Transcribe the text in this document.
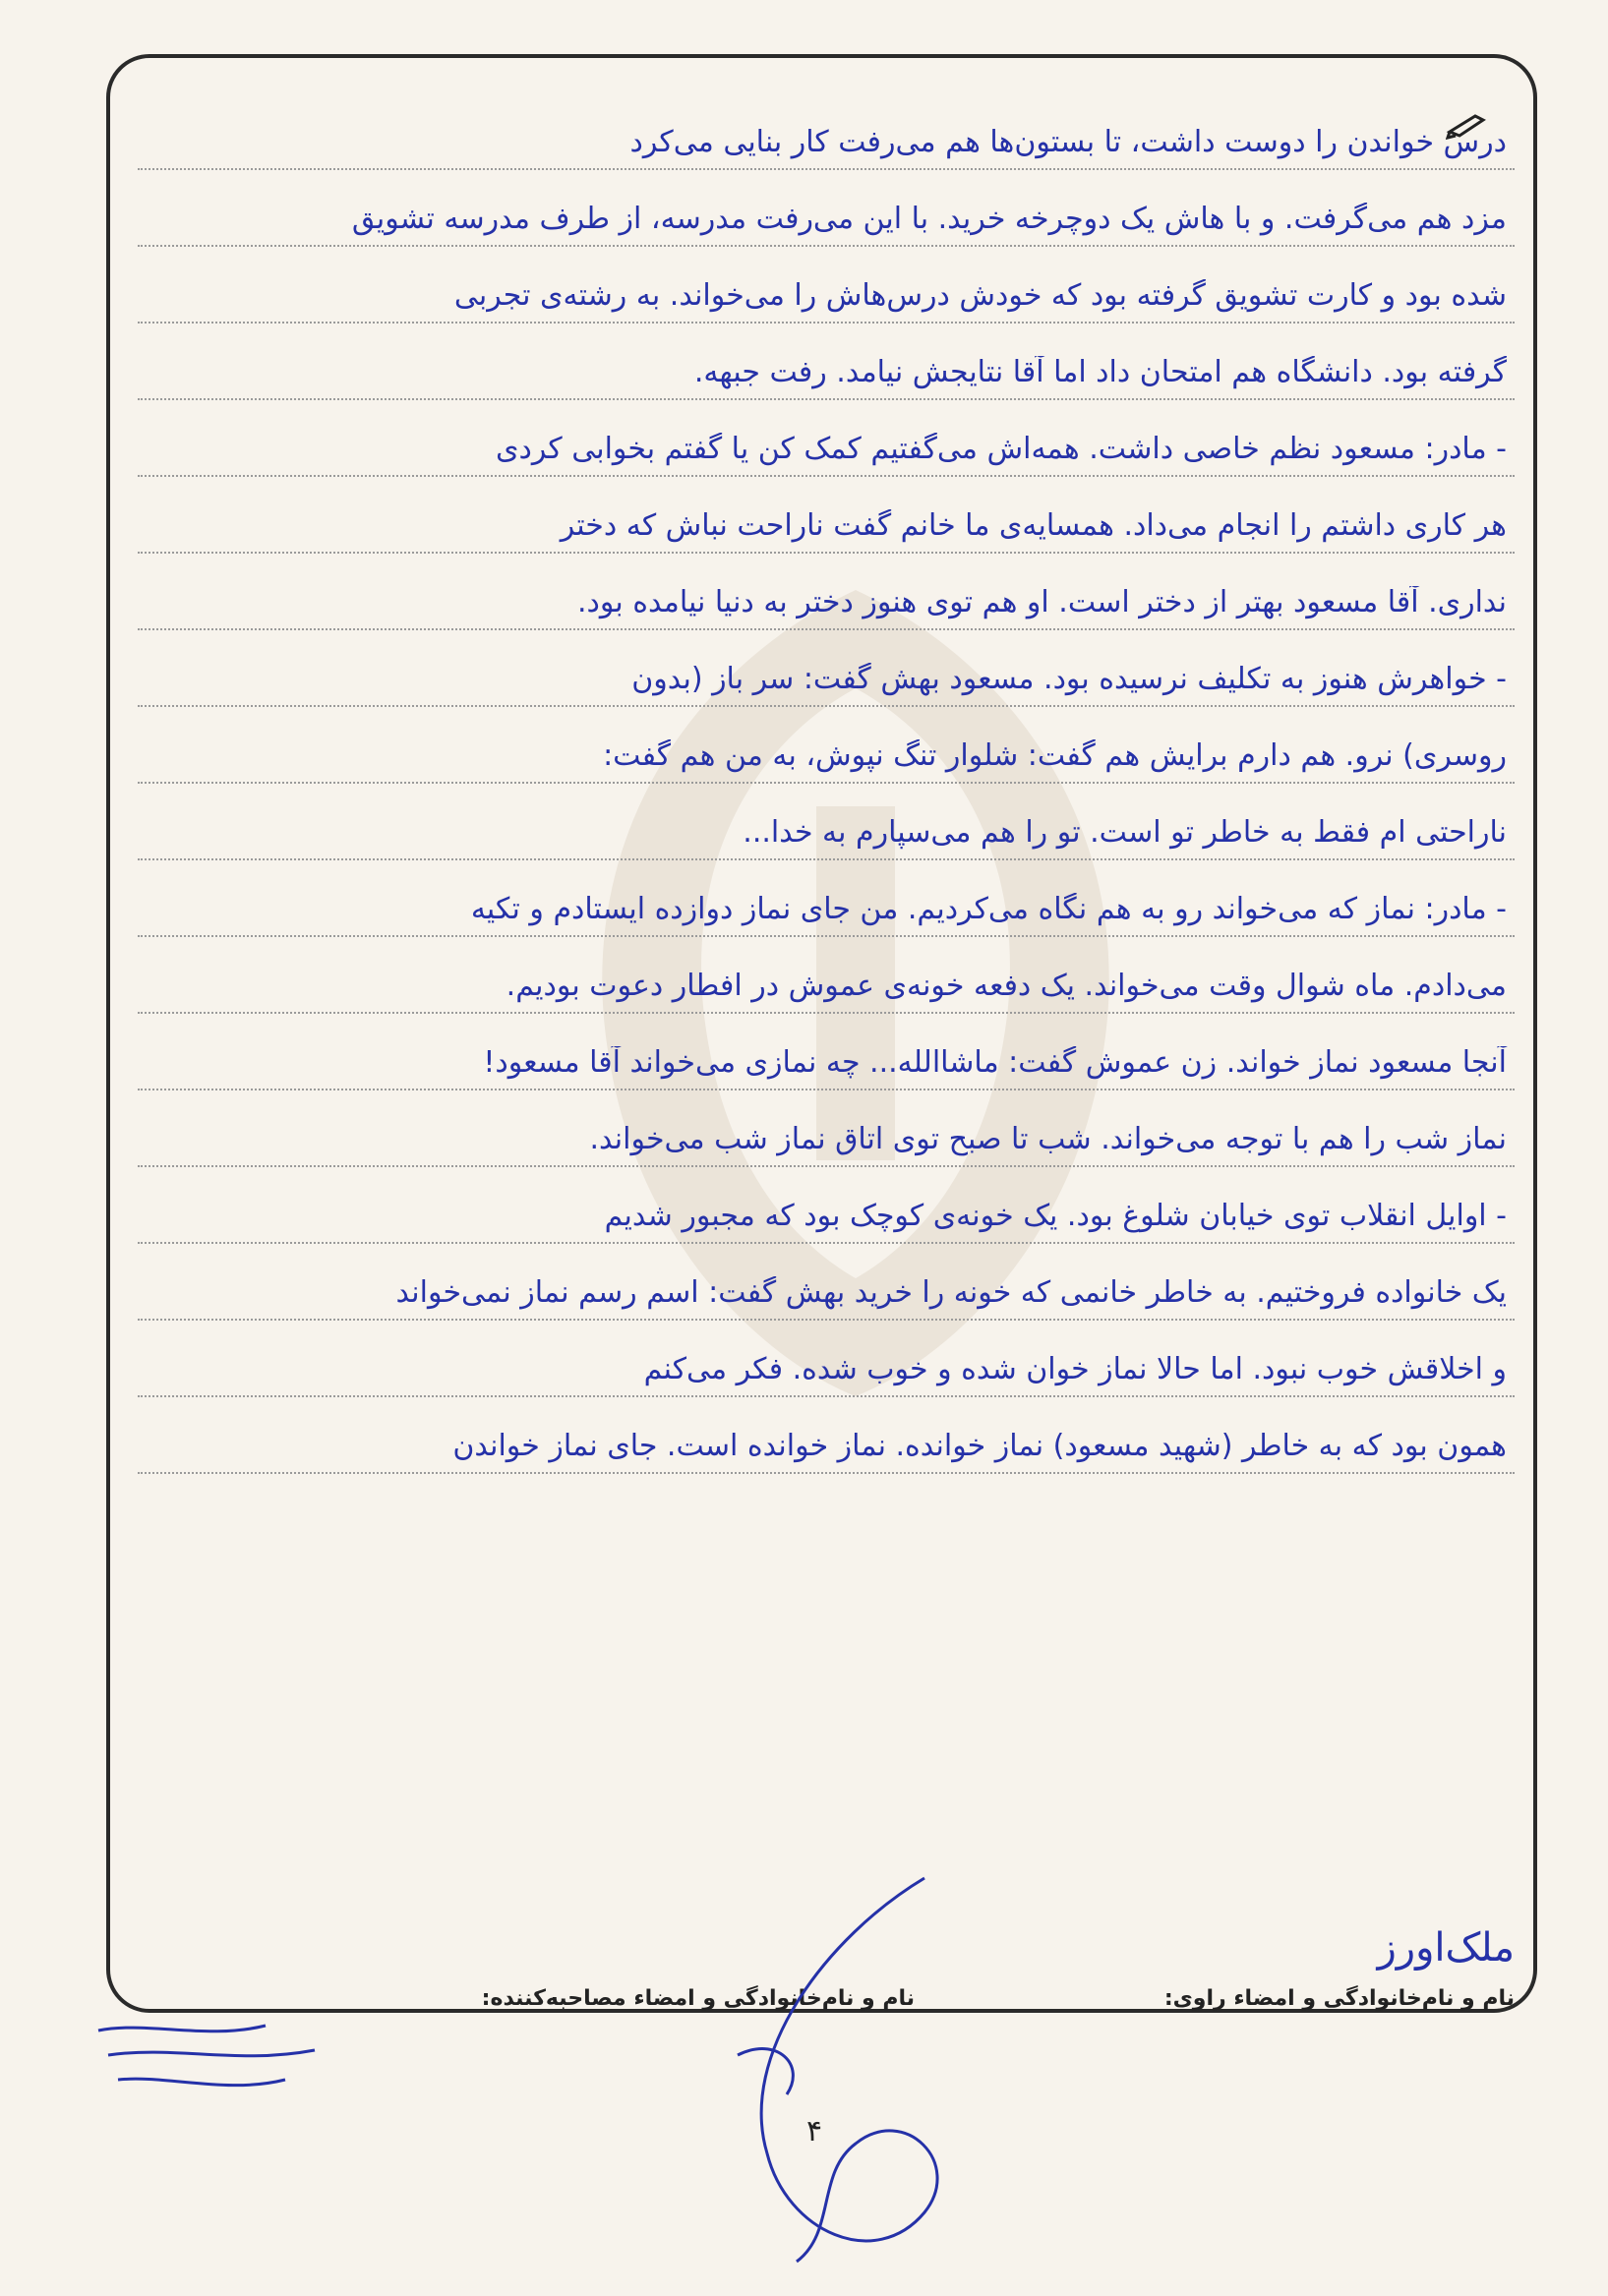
درس خواندن را دوست داشت، تا بستون‌ها هم می‌رفت کار بنایی می‌کرد
مزد هم می‌گرفت. و با هاش یک دوچرخه خرید. با این می‌رفت مدرسه، از طرف مدرسه تشویق
شده بود و کارت تشویق گرفته بود که خودش درس‌هاش را می‌خواند. به رشته‌ی تجربی
گرفته بود. دانشگاه هم امتحان داد اما آقا نتایجش نیامد. رفت جبهه.
- مادر: مسعود نظم خاصی داشت. همه‌اش می‌گفتیم کمک کن یا گفتم بخوابی کردی
هر کاری داشتم را انجام می‌داد. همسایه‌ی ما خانم گفت ناراحت نباش که دختر
نداری. آقا مسعود بهتر از دختر است. او هم توی هنوز دختر به دنیا نیامده بود.
- خواهرش هنوز به تکلیف نرسیده بود. مسعود بهش گفت: سر باز (بدون
روسری) نرو. هم دارم برایش هم گفت: شلوار تنگ نپوش، به من هم گفت:
ناراحتی ام فقط به خاطر تو است. تو را هم می‌سپارم به خدا...
- مادر: نماز که می‌خواند رو به هم نگاه می‌کردیم. من جای نماز دوازده ایستادم و تکیه
می‌دادم. ماه شوال وقت می‌خواند. یک دفعه خونه‌ی عموش در افطار دعوت بودیم.
آنجا مسعود نماز خواند. زن عموش گفت: ماشاالله... چه نمازی می‌خواند آقا مسعود!
نماز شب را هم با توجه می‌خواند. شب تا صبح توی اتاق نماز شب می‌خواند.
- اوایل انقلاب توی خیابان شلوغ بود. یک خونه‌ی کوچک بود که مجبور شدیم
یک خانواده فروختیم. به خاطر خانمی که خونه را خرید بهش گفت: اسم رسم نماز نمی‌خواند
و اخلاقش خوب نبود. اما حالا نماز خوان شده و خوب شده. فکر می‌کنم
همون بود که به خاطر (شهید مسعود) نماز خوانده. نماز خوانده است. جای نماز خواندن
ملک‌اورز
نام و نام‌خانوادگی و امضاء راوی:
نام و نام‌خانوادگی و امضاء مصاحبه‌کننده:
۴
